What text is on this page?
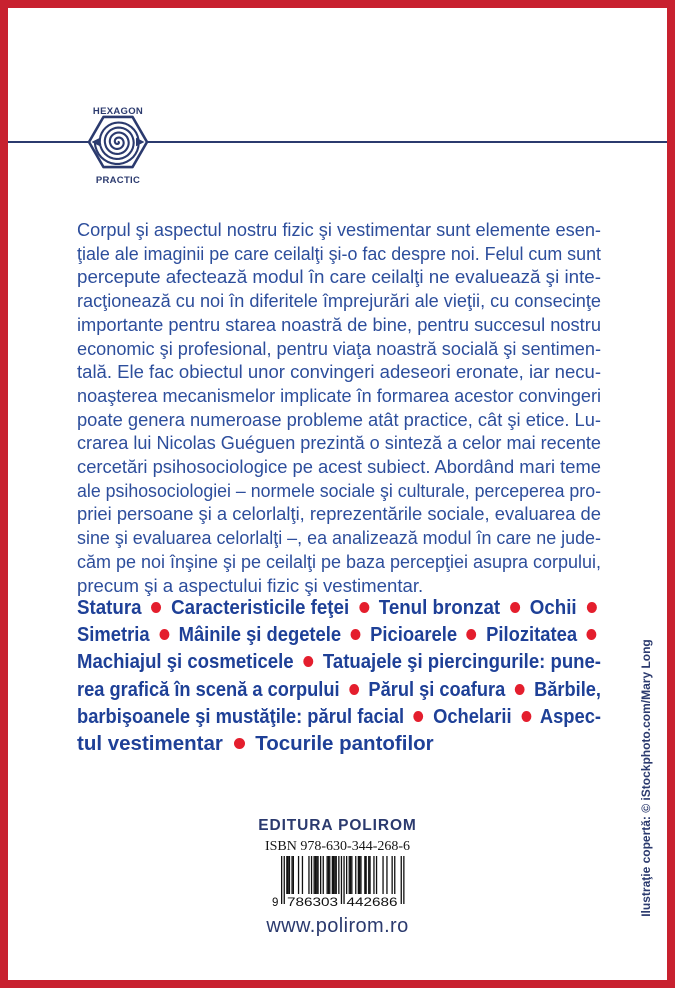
HEXAGON
PRACTIC
Corpul şi aspectul nostru fizic şi vestimentar sunt elemente esen-
ţiale ale imaginii pe care ceilalţi şi-o fac despre noi. Felul cum sunt
percepute afectează modul în care ceilalţi ne evaluează şi inte-
racţionează cu noi în diferitele împrejurări ale vieţii, cu consecinţe
importante pentru starea noastră de bine, pentru succesul nostru
economic şi profesional, pentru viaţa noastră socială şi sentimen-
tală. Ele fac obiectul unor convingeri adeseori eronate, iar necu-
noaşterea mecanismelor implicate în formarea acestor convingeri
poate genera numeroase probleme atât practice, cât şi etice. Lu-
crarea lui Nicolas Guéguen prezintă o sinteză a celor mai recente
cercetări psihosociologice pe acest subiect. Abordând mari teme
ale psihosociologiei – normele sociale şi culturale, perceperea pro-
priei persoane şi a celorlalţi, reprezentările sociale, evaluarea de
sine şi evaluarea celorlalţi –, ea analizează modul în care ne jude-
căm pe noi înşine şi pe ceilalţi pe baza percepţiei asupra corpului,
precum şi a aspectului fizic şi vestimentar.
Statura  Caracteristicile feţei  Tenul bronzat  Ochii
Simetria  Mâinile şi degetele  Picioarele  Pilozitatea
Machiajul şi cosmeticele  Tatuajele şi piercingurile: pune-
rea grafică în scenă a corpului  Părul şi coafura  Bărbile,
barbişoanele şi mustăţile: părul facial  Ochelarii  Aspec-
tul vestimentar  Tocurile pantofilor
EDITURA POLIROM
ISBN 978-630-344-268-6
9 786303 442686
www.polirom.ro
Ilustraţie copertă: © iStockphoto.com/Mary Long
